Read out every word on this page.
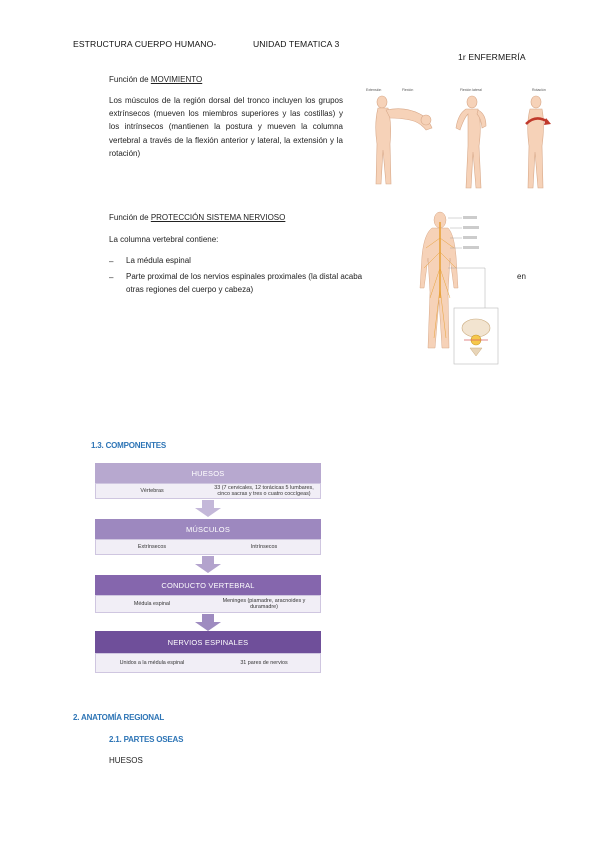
ESTRUCTURA CUERPO HUMANO-	UNIDAD TEMATICA 3
1r ENFERMERÍA
Función de MOVIMIENTO
Los músculos de la región dorsal del tronco incluyen los grupos extrínsecos (mueven los miembros superiores y las costillas) y los intrínsecos (mantienen la postura y mueven la columna vertebral a través de la flexión anterior y lateral, la extensión y la rotación)
Extensión	Flexión	Flexión lateral	Rotación
Función de PROTECCIÓN SISTEMA NERVIOSO
La columna vertebral contiene:
– La médula espinal
– Parte proximal de los nervios espinales proximales (la distal acaba	en
otras regiones del cuerpo y cabeza)
1.3. COMPONENTES
HUESOS
Vértebras
33 (7 cervicales, 12 torácicas 5 lumbares, cinco sacras y tres o cuatro coccígeas)
MÚSCULOS
Extrínsecos	Intrínsecos
CONDUCTO VERTEBRAL
Médula espinal
Meninges (piamadre, aracnoides y duramadre)
NERVIOS ESPINALES
Unidos a la médula espinal	31 pares de nervios
2. ANATOMÍA REGIONAL
2.1. PARTES OSEAS
HUESOS
